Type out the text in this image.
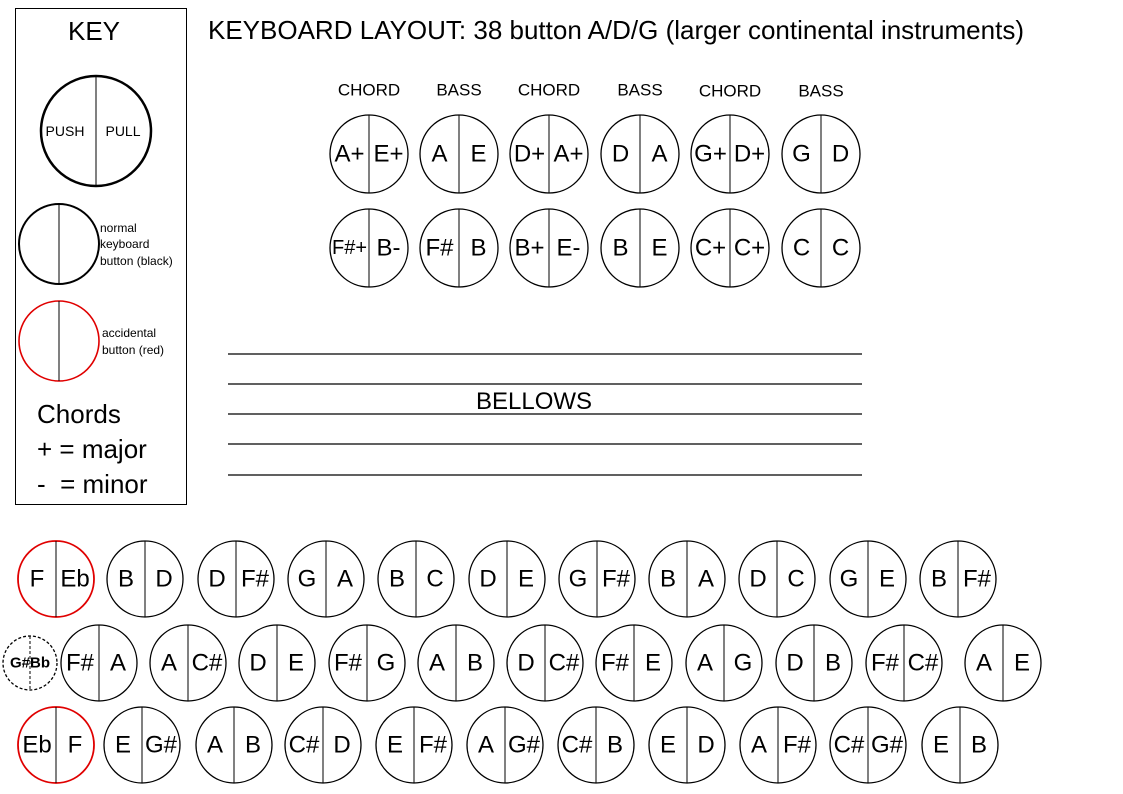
KEYBOARD LAYOUT: 38 button A/D/G (larger continental instruments)
KEY
Chords
+ = major
-  = minor
normal
keyboard
button (black)
accidental
button (red)
BELLOWS
PUSH PULL
CHORD BASS CHORD BASS CHORD BASS
A+ E+ A E D+ A+ D A G+ D+ G D
F#+ B- F# B B+ E- B E C+ C+ C C
F Eb B D D F# G A B C D E G F# B A D C G E B F#
G#Bb F# A A C# D E F# G A B D C# F# E A G D B F# C# A E
Eb F E G# A B C# D E F# A G# C# B E D A F# C# G# E B
